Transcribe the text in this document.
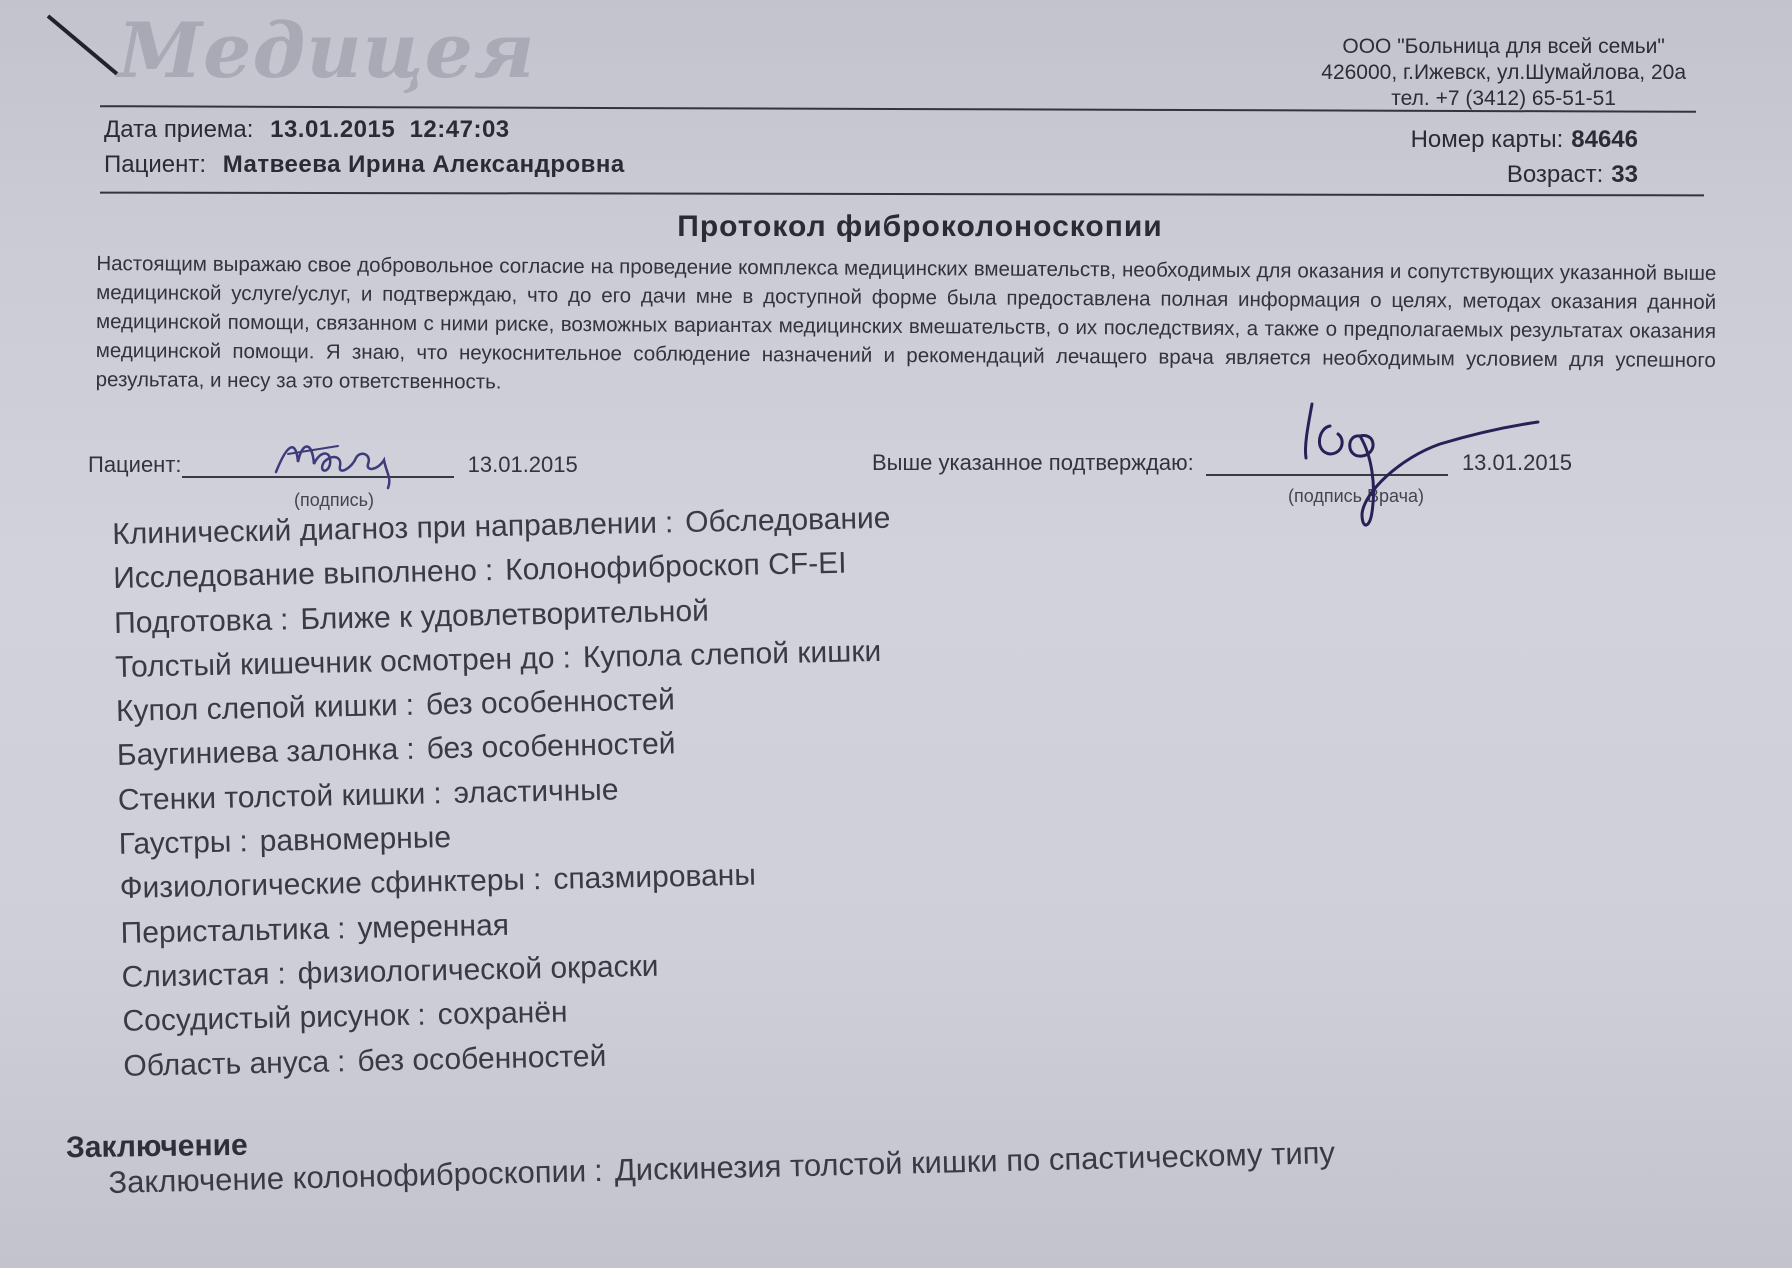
Медицея	ООО "Больница для всей семьи"
426000, г.Ижевск, ул.Шумайлова, 20а
тел. +7 (3412) 65-51-51
Дата приема: 13.01.2015  12:47:03
Пациент: Матвеева Ирина Александровна
Номер карты: 84646
Возраст: 33
Протокол фиброколоноскопии
Настоящим выражаю свое добровольное согласие на проведение комплекса медицинских вмешательств, необходимых для оказания и сопутствующих указанной выше медицинской услуге/услуг, и подтверждаю, что до его дачи мне в доступной форме была предоставлена полная информация о целях, методах оказания данной медицинской помощи, связанном с ними риске, возможных вариантах медицинских вмешательств, о их последствиях, а также о предполагаемых результатах оказания медицинской помощи. Я знаю, что неукоснительное соблюдение назначений и рекомендаций лечащего врача является необходимым условием для успешного результата, и несу за это ответственность.
Пациент:	13.01.2015
(подпись)
Выше указанное подтверждаю:	13.01.2015
(подпись Врача)
Клинический диагноз при направлении : Обследование
Исследование выполнено : Колонофиброскоп CF-EI
Подготовка : Ближе к удовлетворительной
Толстый кишечник осмотрен до : Купола слепой кишки
Купол слепой кишки : без особенностей
Баугиниева залонка : без особенностей
Стенки толстой кишки : эластичные
Гаустры : равномерные
Физиологические сфинктеры : спазмированы
Перистальтика : умеренная
Слизистая : физиологической окраски
Сосудистый рисунок : сохранён
Область ануса : без особенностей
Заключение
Заключение колонофиброскопии : Дискинезия толстой кишки по спастическому типу
